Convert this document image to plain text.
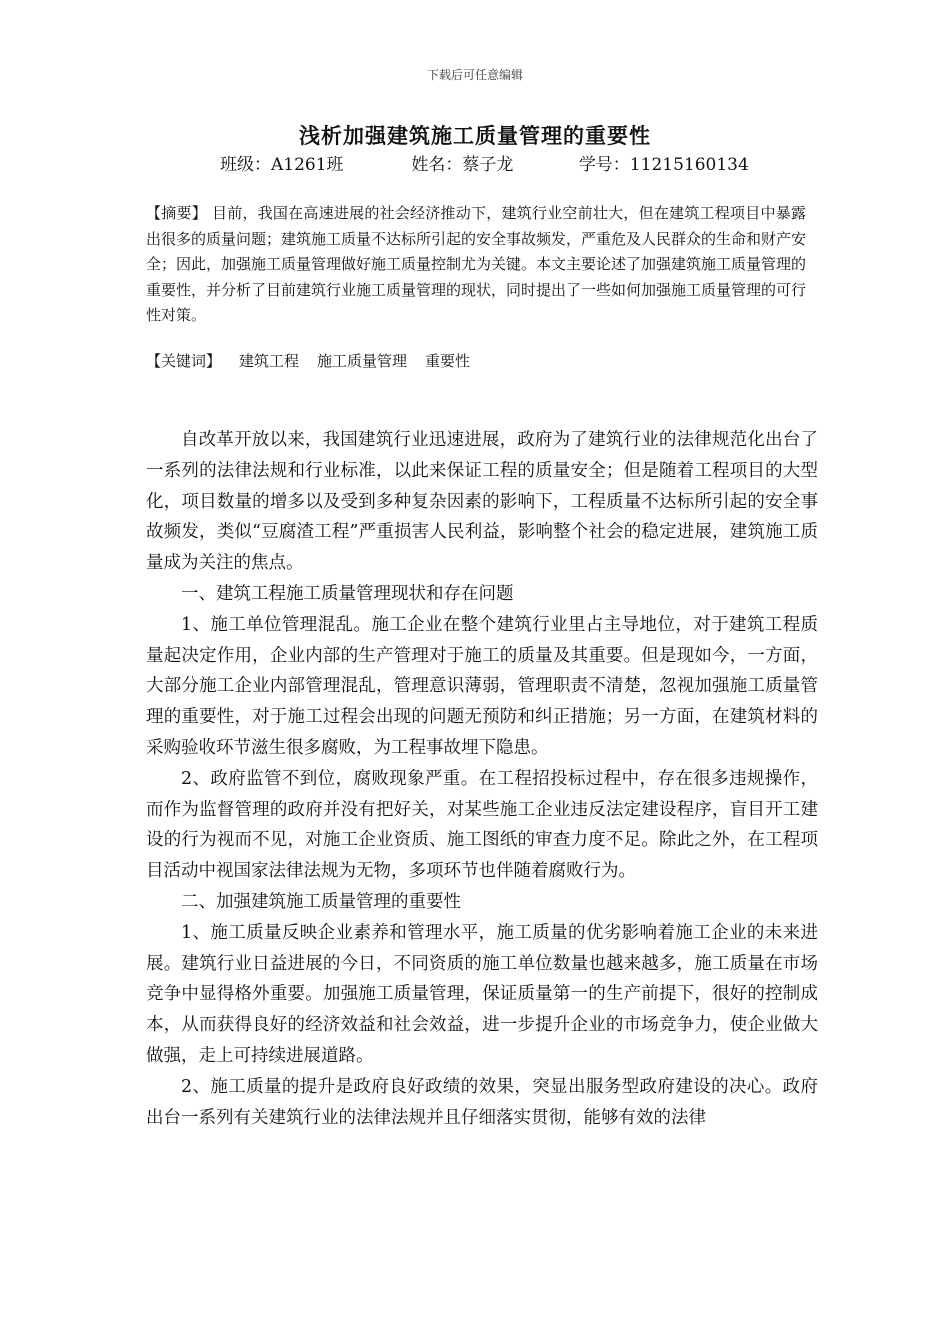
下载后可任意编辑
浅析加强建筑施工质量管理的重要性
班级：A1261班	姓名：蔡子龙	学号：11215160134
【摘要】 目前，我国在高速进展的社会经济推动下，建筑行业空前壮大，但在建筑工程项目中暴露出很多的质量问题；建筑施工质量不达标所引起的安全事故频发，严重危及人民群众的生命和财产安全；因此，加强施工质量管理做好施工质量控制尤为关键。本文主要论述了加强建筑施工质量管理的重要性，并分析了目前建筑行业施工质量管理的现状，同时提出了一些如何加强施工质量管理的可行性对策。
【关键词】 建筑工程 施工质量管理 重要性

自改革开放以来，我国建筑行业迅速进展，政府为了建筑行业的法律规范化出台了一系列的法律法规和行业标准，以此来保证工程的质量安全；但是随着工程项目的大型化，项目数量的增多以及受到多种复杂因素的影响下，工程质量不达标所引起的安全事故频发，类似“豆腐渣工程”严重损害人民利益，影响整个社会的稳定进展，建筑施工质量成为关注的焦点。

一、建筑工程施工质量管理现状和存在问题

1、施工单位管理混乱。施工企业在整个建筑行业里占主导地位，对于建筑工程质量起决定作用，企业内部的生产管理对于施工的质量及其重要。但是现如今，一方面，大部分施工企业内部管理混乱，管理意识薄弱，管理职责不清楚，忽视加强施工质量管理的重要性，对于施工过程会出现的问题无预防和纠正措施；另一方面，在建筑材料的采购验收环节滋生很多腐败，为工程事故埋下隐患。

2、政府监管不到位，腐败现象严重。在工程招投标过程中，存在很多违规操作，而作为监督管理的政府并没有把好关，对某些施工企业违反法定建设程序，盲目开工建设的行为视而不见，对施工企业资质、施工图纸的审查力度不足。除此之外，在工程项目活动中视国家法律法规为无物，多项环节也伴随着腐败行为。

二、加强建筑施工质量管理的重要性

1、施工质量反映企业素养和管理水平，施工质量的优劣影响着施工企业的未来进展。建筑行业日益进展的今日，不同资质的施工单位数量也越来越多，施工质量在市场竞争中显得格外重要。加强施工质量管理，保证质量第一的生产前提下，很好的控制成本，从而获得良好的经济效益和社会效益，进一步提升企业的市场竞争力，使企业做大做强，走上可持续进展道路。

2、施工质量的提升是政府良好政绩的效果，突显出服务型政府建设的决心。政府出台一系列有关建筑行业的法律法规并且仔细落实贯彻，能够有效的法律
